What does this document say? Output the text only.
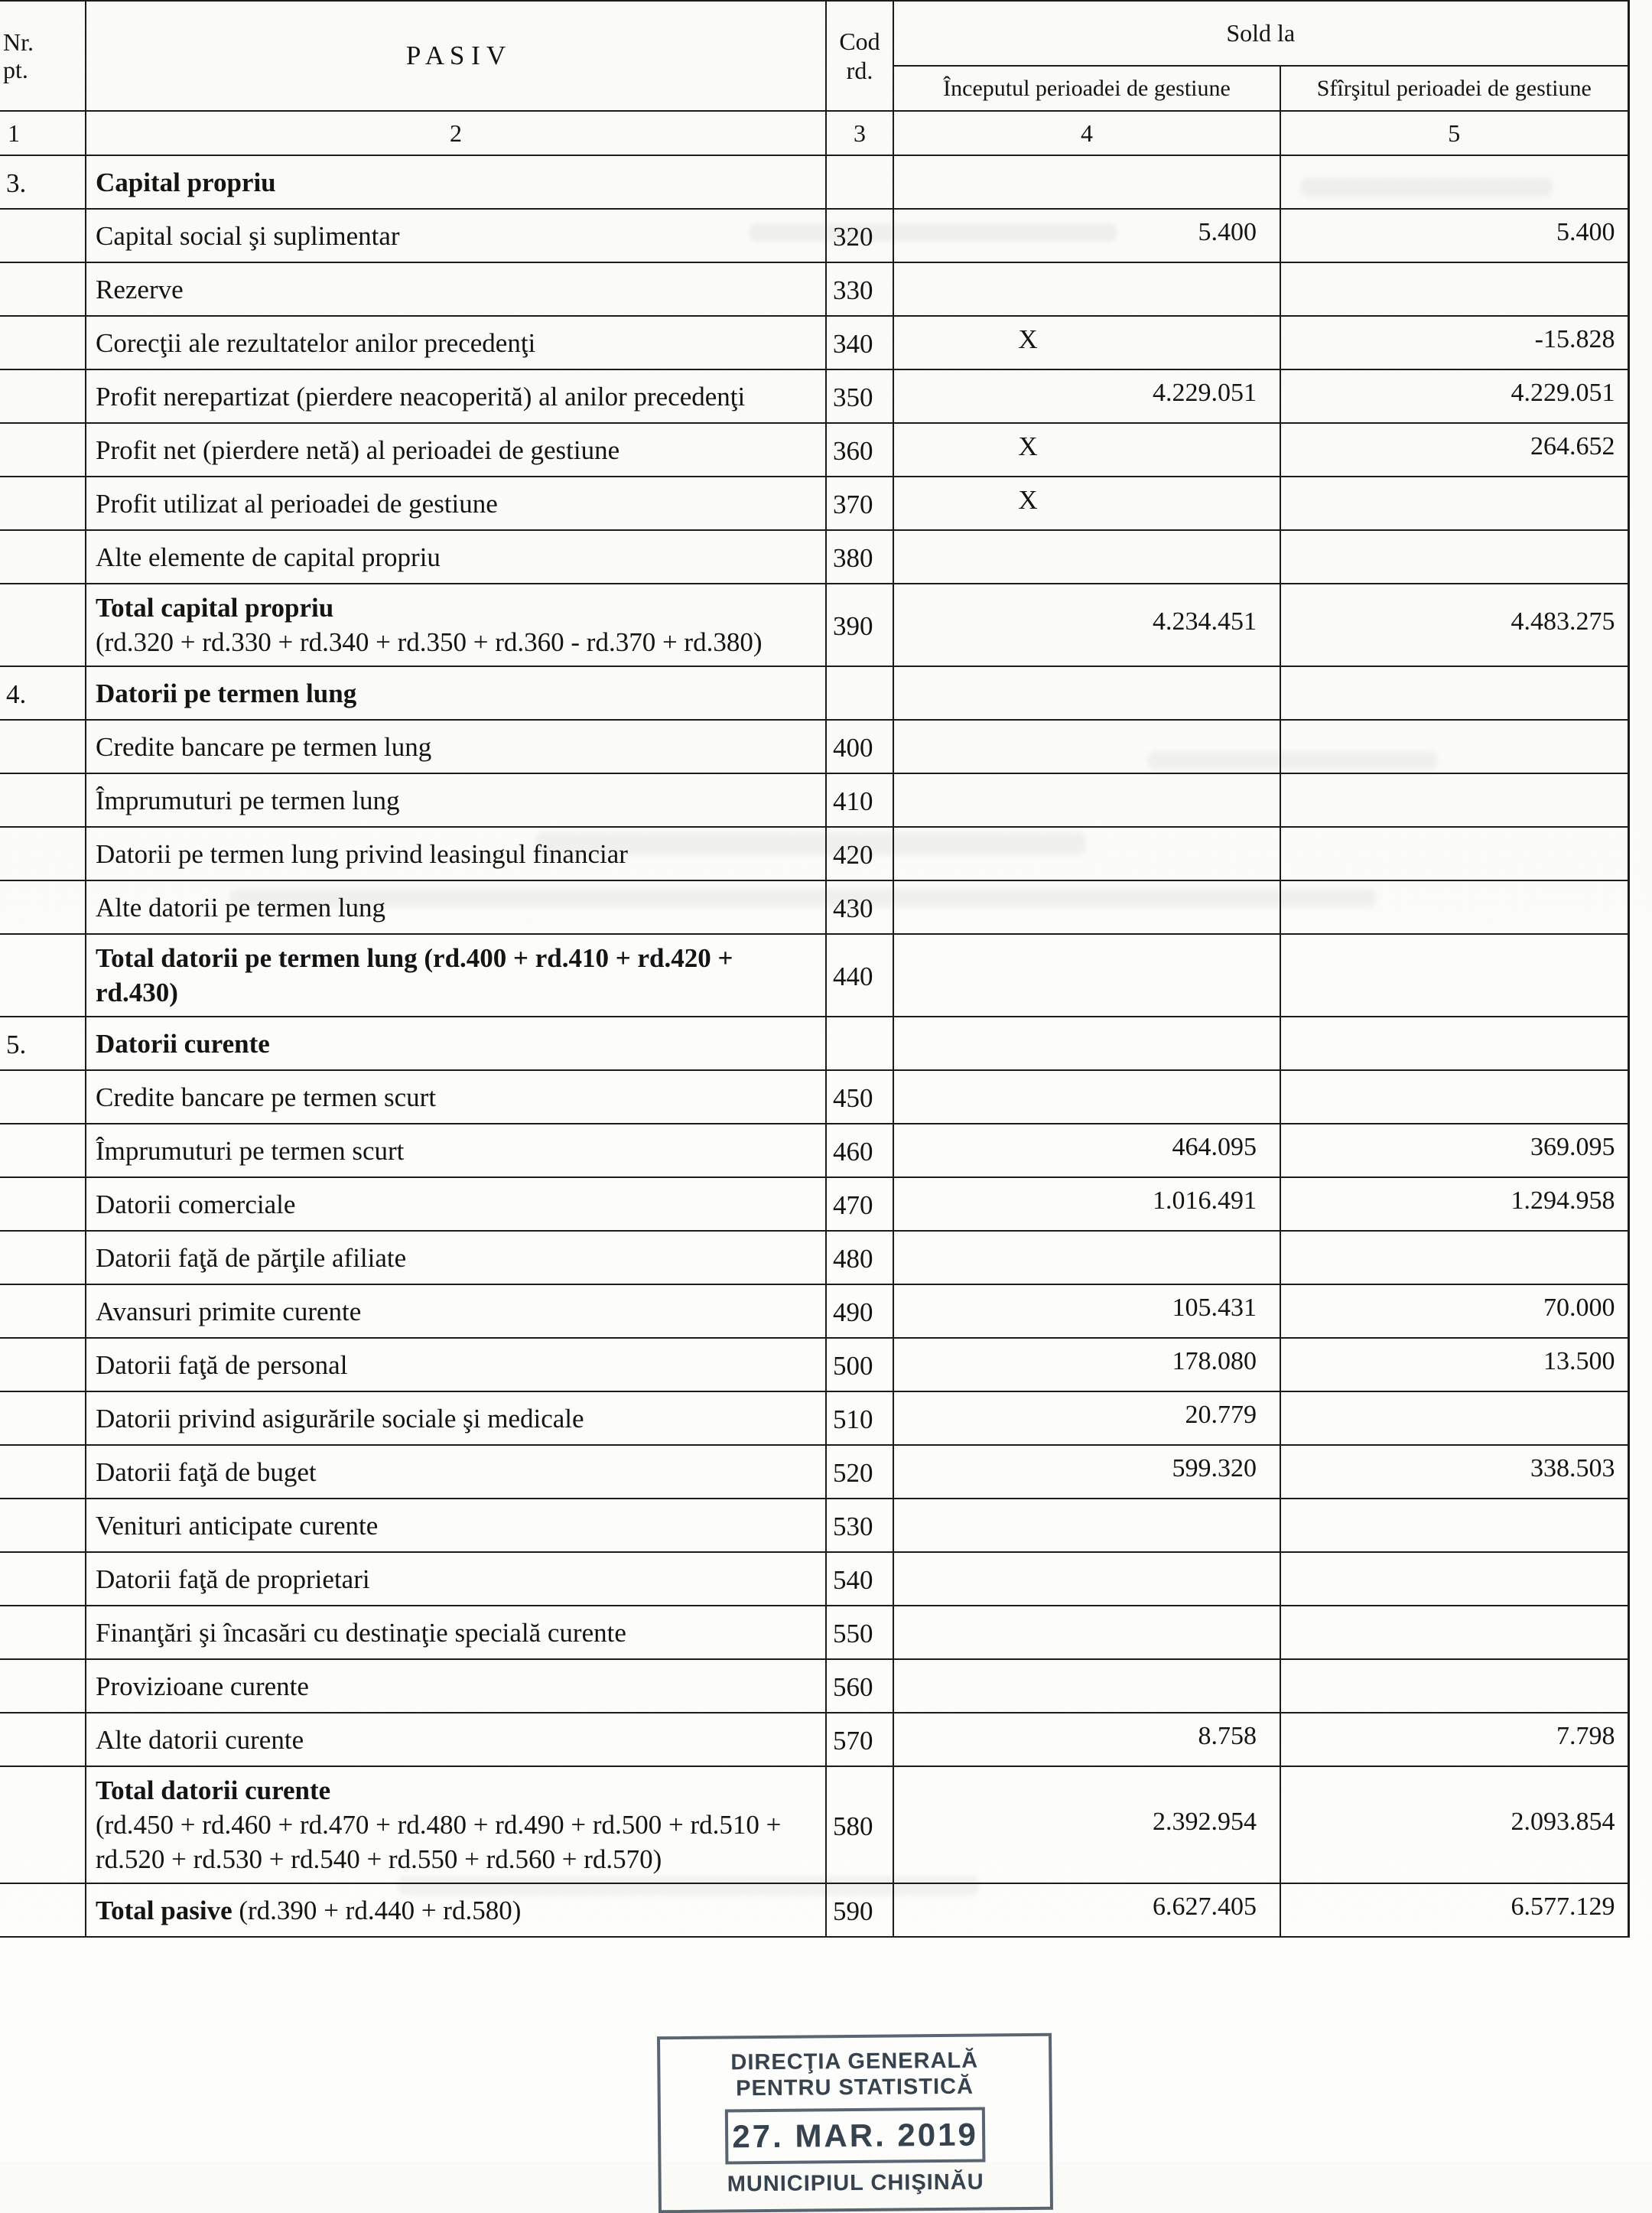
Nr.
pt.	P A S I V	Cod
rd.
	Sold la
			Începutul perioadei de gestiune	Sfîrşitul perioadei de gestiune
1	2	3	4	5
3.	Capital propriu			

	Capital social şi suplimentar	320	5.400	5.400

	Rezerve	330		

	Corecţii ale rezultatelor anilor precedenţi	340	X	-15.828

	Profit nerepartizat (pierdere neacoperită) al anilor precedenţi	350	4.229.051	4.229.051

	Profit net (pierdere netă) al perioadei de gestiune	360	X	264.652

	Profit utilizat al perioadei de gestiune	370	X	

	Alte elemente de capital propriu	380		

	Total capital propriu
(rd.320 + rd.330 + rd.340 + rd.350 + rd.360 - rd.370 + rd.380)	390	4.234.451	4.483.275
4.	Datorii pe termen lung			

	Credite bancare pe termen lung	400		

	Împrumuturi pe termen lung	410		

	Datorii pe termen lung privind leasingul financiar	420		

	Alte datorii pe termen lung	430		

	Total datorii pe termen lung (rd.400 + rd.410 + rd.420 + rd.430)	440		
5.	Datorii curente			

	Credite bancare pe termen scurt	450		

	Împrumuturi pe termen scurt	460	464.095	369.095

	Datorii comerciale	470	1.016.491	1.294.958

	Datorii faţă de părţile afiliate	480		

	Avansuri primite curente	490	105.431	70.000

	Datorii faţă de personal	500	178.080	13.500

	Datorii privind asigurările sociale şi medicale	510	20.779	

	Datorii faţă de buget	520	599.320	338.503

	Venituri anticipate curente	530		

	Datorii faţă de proprietari	540		

	Finanţări şi încasări cu destinaţie specială curente	550		

	Provizioane curente	560		

	Alte datorii curente	570	8.758	7.798

	Total datorii curente
(rd.450 + rd.460 + rd.470 + rd.480 + rd.490 + rd.500 + rd.510 + rd.520 + rd.530 + rd.540 + rd.550 + rd.560 + rd.570)	580	2.392.954	2.093.854

	Total pasive (rd.390 + rd.440 + rd.580)	590	6.627.405	6.577.129
DIRECŢIA GENERALĂ
PENTRU STATISTICĂ
27. MAR. 2019
MUNICIPIUL CHIŞINĂU
